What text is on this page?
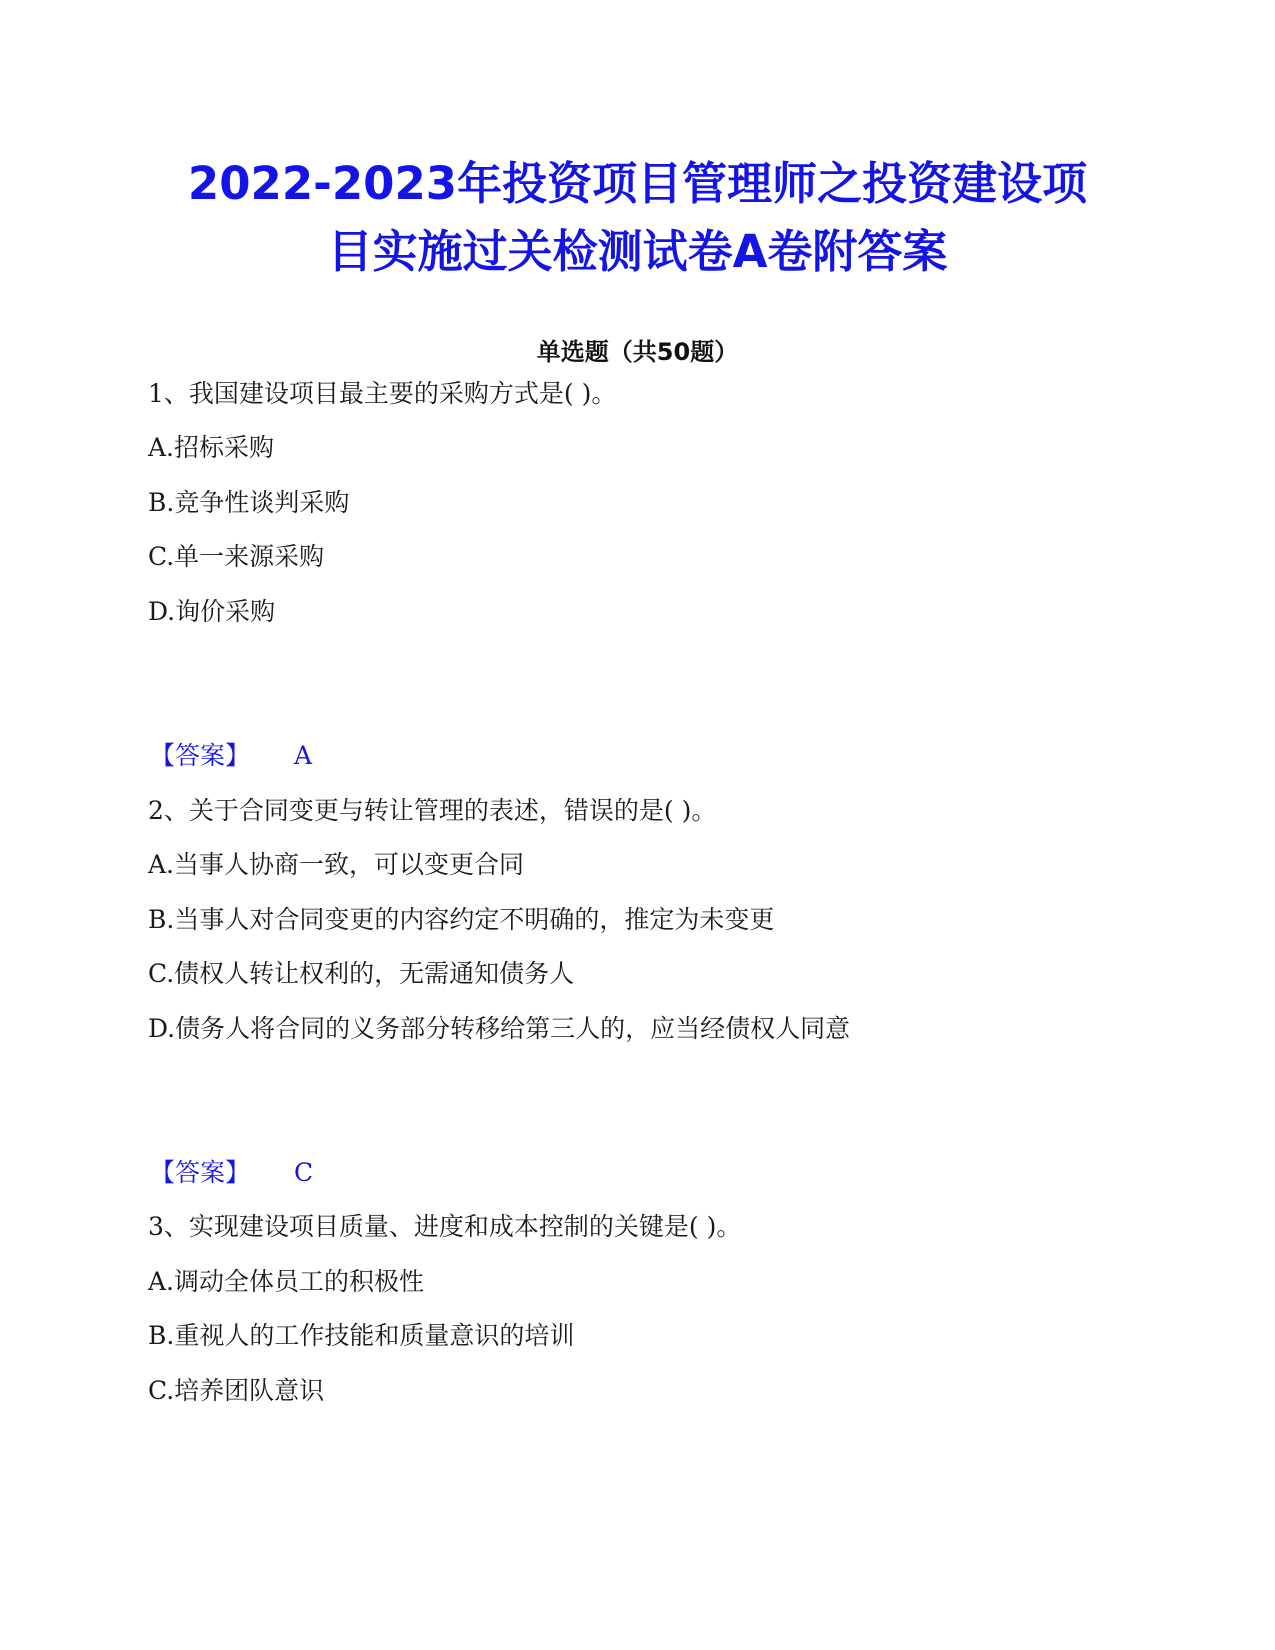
2022-2023年投资项目管理师之投资建设项
目实施过关检测试卷A卷附答案
单选题（共50题）
1、我国建设项目最主要的采购方式是( )。
A.招标采购
B.竞争性谈判采购
C.单一来源采购
D.询价采购
【答案】 A
2、关于合同变更与转让管理的表述，错误的是( )。
A.当事人协商一致，可以变更合同
B.当事人对合同变更的内容约定不明确的，推定为未变更
C.债权人转让权利的，无需通知债务人
D.债务人将合同的义务部分转移给第三人的，应当经债权人同意
【答案】 C
3、实现建设项目质量、进度和成本控制的关键是( )。
A.调动全体员工的积极性
B.重视人的工作技能和质量意识的培训
C.培养团队意识
